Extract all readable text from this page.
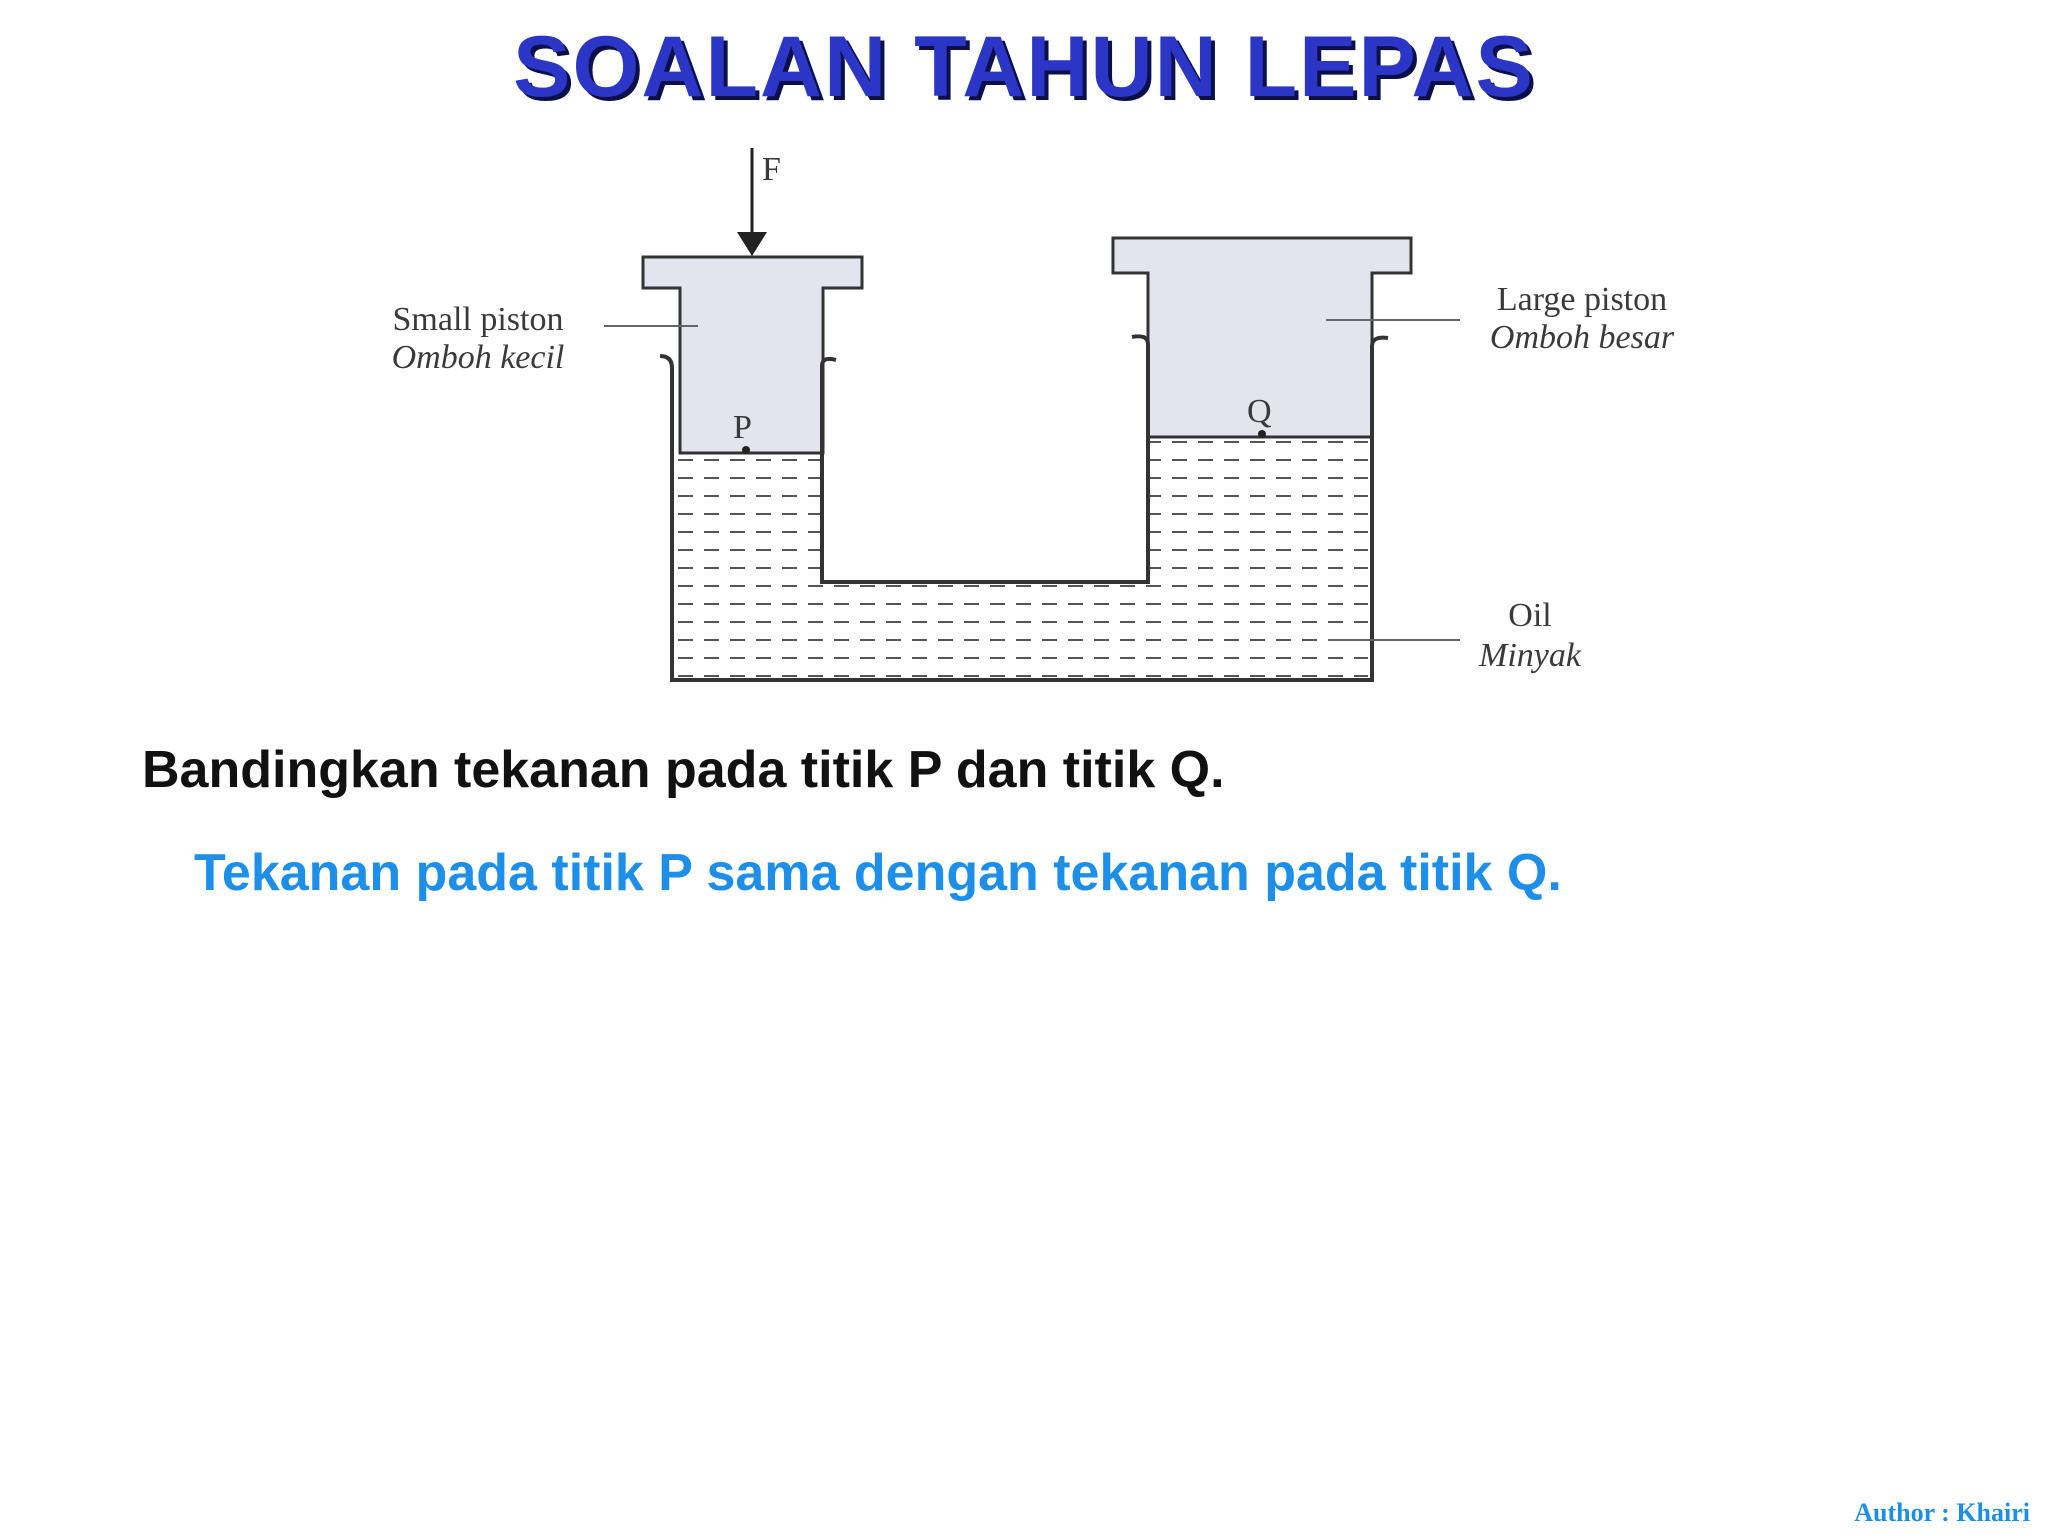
SOALAN TAHUN LEPAS
F
P	Q
Small piston
Omboh kecil
Large piston
Omboh besar
Oil
Minyak
Bandingkan tekanan pada titik P dan titik Q.
Tekanan pada titik P sama dengan tekanan pada titik Q.
Author : Khairi
